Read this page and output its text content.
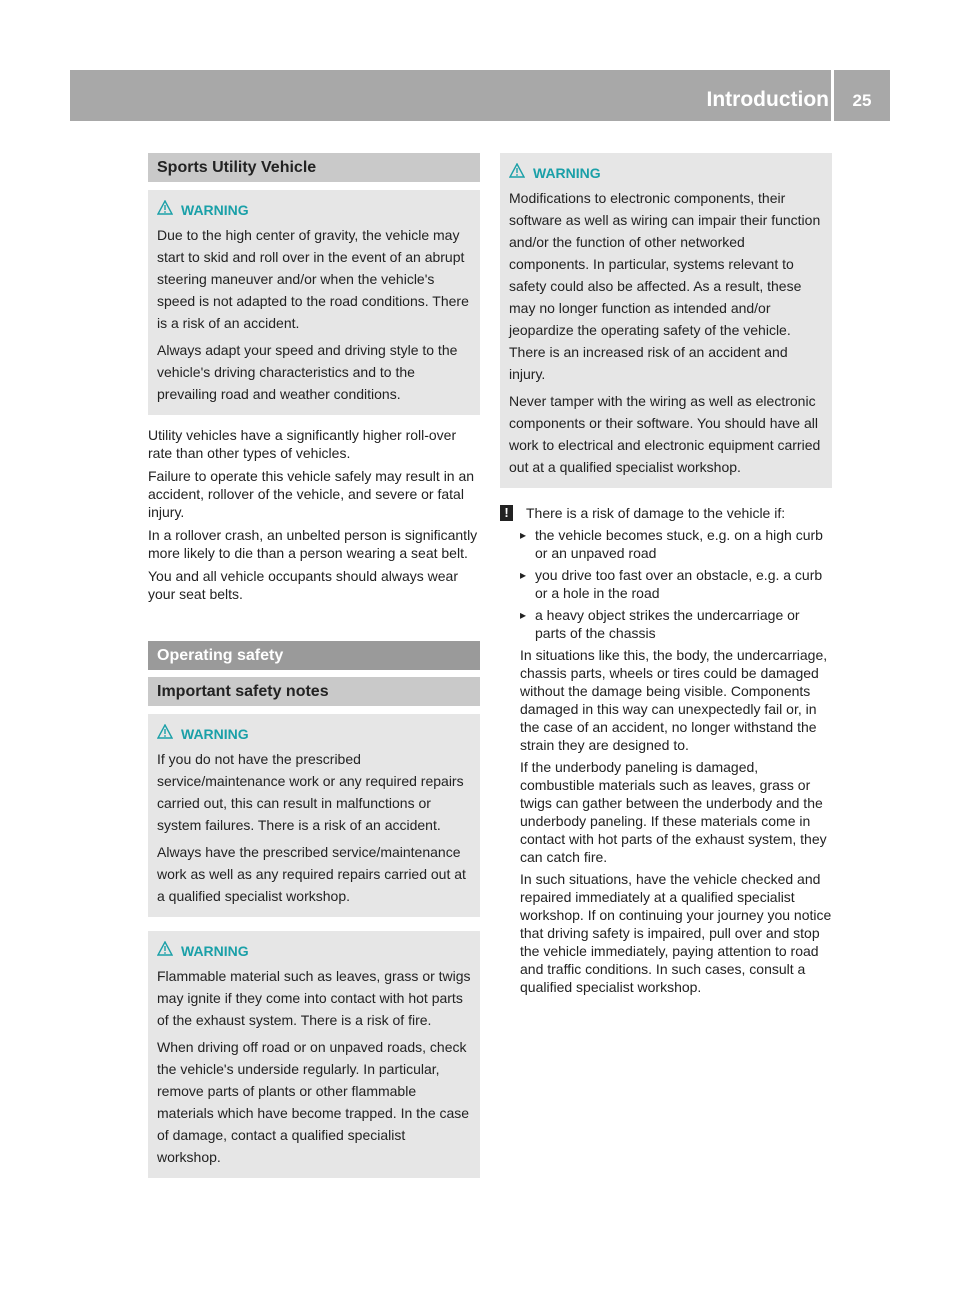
Introduction	25
Sports Utility Vehicle
WARNING

Due to the high center of gravity, the vehicle may start to skid and roll over in the event of an abrupt steering maneuver and/or when the vehicle's speed is not adapted to the road conditions. There is a risk of an accident.

Always adapt your speed and driving style to the vehicle's driving characteristics and to the prevailing road and weather conditions.

Utility vehicles have a significantly higher roll-over rate than other types of vehicles.

Failure to operate this vehicle safely may result in an accident, rollover of the vehicle, and severe or fatal injury.

In a rollover crash, an unbelted person is significantly more likely to die than a person wearing a seat belt.

You and all vehicle occupants should always wear your seat belts.

Operating safety
Important safety notes
WARNING

If you do not have the prescribed service/maintenance work or any required repairs carried out, this can result in malfunctions or system failures. There is a risk of an accident.

Always have the prescribed service/maintenance work as well as any required repairs carried out at a qualified specialist workshop.

WARNING

Flammable material such as leaves, grass or twigs may ignite if they come into contact with hot parts of the exhaust system. There is a risk of fire.

When driving off road or on unpaved roads, check the vehicle's underside regularly. In particular, remove parts of plants or other flammable materials which have become trapped. In the case of damage, contact a qualified specialist workshop.

WARNING

Modifications to electronic components, their software as well as wiring can impair their function and/or the function of other networked components. In particular, systems relevant to safety could also be affected. As a result, these may no longer function as intended and/or jeopardize the operating safety of the vehicle. There is an increased risk of an accident and injury.

Never tamper with the wiring as well as electronic components or their software. You should have all work to electrical and electronic equipment carried out at a qualified specialist workshop.

!	There is a risk of damage to the vehicle if:
▸ the vehicle becomes stuck, e.g. on a high curb or an unpaved road
▸ you drive too fast over an obstacle, e.g. a curb or a hole in the road
▸ a heavy object strikes the undercarriage or parts of the chassis

In situations like this, the body, the undercarriage, chassis parts, wheels or tires could be damaged without the damage being visible. Components damaged in this way can unexpectedly fail or, in the case of an accident, no longer withstand the strain they are designed to.

If the underbody paneling is damaged, combustible materials such as leaves, grass or twigs can gather between the underbody and the underbody paneling. If these materials come in contact with hot parts of the exhaust system, they can catch fire.

In such situations, have the vehicle checked and repaired immediately at a qualified specialist workshop. If on continuing your journey you notice that driving safety is impaired, pull over and stop the vehicle immediately, paying attention to road and traffic conditions. In such cases, consult a qualified specialist workshop.
